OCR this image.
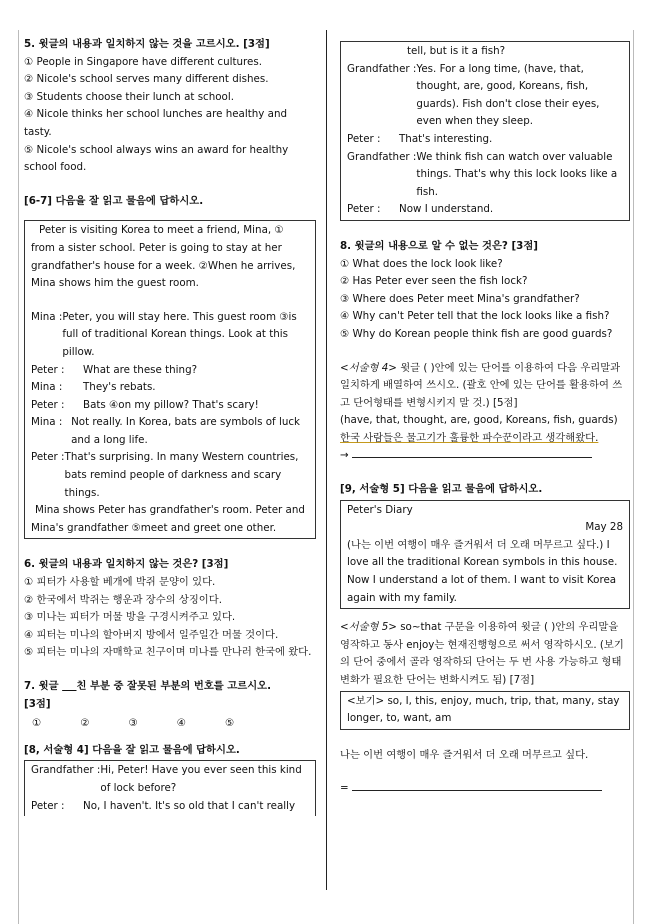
5. 윗글의 내용과 일치하지 않는 것을 고르시오. [3점]

① People in Singapore have different cultures.

② Nicole's school serves many different dishes.

③ Students choose their lunch at school.

④ Nicole thinks her school lunches are healthy and tasty.

⑤ Nicole's school always wins an award for healthy school food.

[6-7] 다음을 잘 읽고 물음에 답하시오.

Peter is visiting Korea to meet a friend, Mina, ① from a sister school. Peter is going to stay at her grandfather's house for a week. ②When he arrives, Mina shows him the guest room.

Mina : Peter, you will stay here. This guest room ③is full of traditional Korean things. Look at this pillow.
Peter :	What are these thing?
Mina :	They's rebats.
Peter :	Bats ④on my pillow? That's scary!
Mina : Not really. In Korea, bats are symbols of luck and a long life.
Peter : That's surprising. In many Western countries, bats remind people of darkness and scary things.

Mina shows Peter has grandfather's room. Peter and Mina's grandfather ⑤meet and greet one other.

6. 윗글의 내용과 일치하지 않는 것은? [3점]

① 피터가 사용할 베개에 박쥐 문양이 있다.

② 한국에서 박쥐는 행운과 장수의 상징이다.

③ 미나는 피터가 머물 방을 구경시켜주고 있다.

④ 피터는 미나의 할아버지 방에서 일주일간 머물 것이다.

⑤ 피터는 미나의 자매학교 친구이며 미나를 만나러 한국에 왔다.

7. 윗글     친 부분 중 잘못된 부분의 번호를 고르시오.

[3점]

①	②	③	④	⑤

[8, 서술형 4] 다음을 잘 읽고 물음에 답하시오.

Grandfather : Hi, Peter! Have you ever seen this kind of lock before?
Peter :	No, I haven't. It's so old that I can't really
tell, but is it a fish?
Grandfather : Yes. For a long time, (have, that, thought, are, good, Koreans, fish, guards). Fish don't close their eyes, even when they sleep.
Peter :	That's interesting.
Grandfather : We think fish can watch over valuable things. That's why this lock looks like a fish.
Peter :	Now I understand.

8. 윗글의 내용으로 알 수 없는 것은? [3점]

① What does the lock look like?

② Has Peter ever seen the fish lock?

③ Where does Peter meet Mina's grandfather?

④ Why can't Peter tell that the lock looks like a fish?

⑤ Why do Korean people think fish are good guards?

<서술형 4> 윗글 ( )안에 있는 단어를 이용하여 다음 우리말과 일치하게 배열하여 쓰시오. (괄호 안에 있는 단어를 활용하여 쓰고 단어형태를 변형시키지 말 것.) [5점]

(have, that, thought, are, good, Koreans, fish, guards)

한국 사람들은 물고기가 훌륭한 파수꾼이라고 생각해왔다.

→

[9, 서술형 5] 다음을 읽고 물음에 답하시오.

Peter's Diary

May 28

(나는 이번 여행이 매우 즐거워서 더 오래 머무르고 싶다.) I love all the traditional Korean symbols in this house. Now I understand a lot of them. I want to visit Korea again with my family.

<서술형 5> so~that 구문을 이용하여 윗글 ( )안의 우리말을 영작하고 동사 enjoy는 현재진행형으로 써서 영작하시오. (보기의 단어 중에서 골라 영작하되 단어는 두 번 사용 가능하고 형태변화가 필요한 단어는 변화시켜도 됨) [7점]

<보기> so, I, this, enjoy, much, trip, that, many, stay longer, to, want, am

나는 이번 여행이 매우 즐거워서 더 오래 머무르고 싶다.

=
